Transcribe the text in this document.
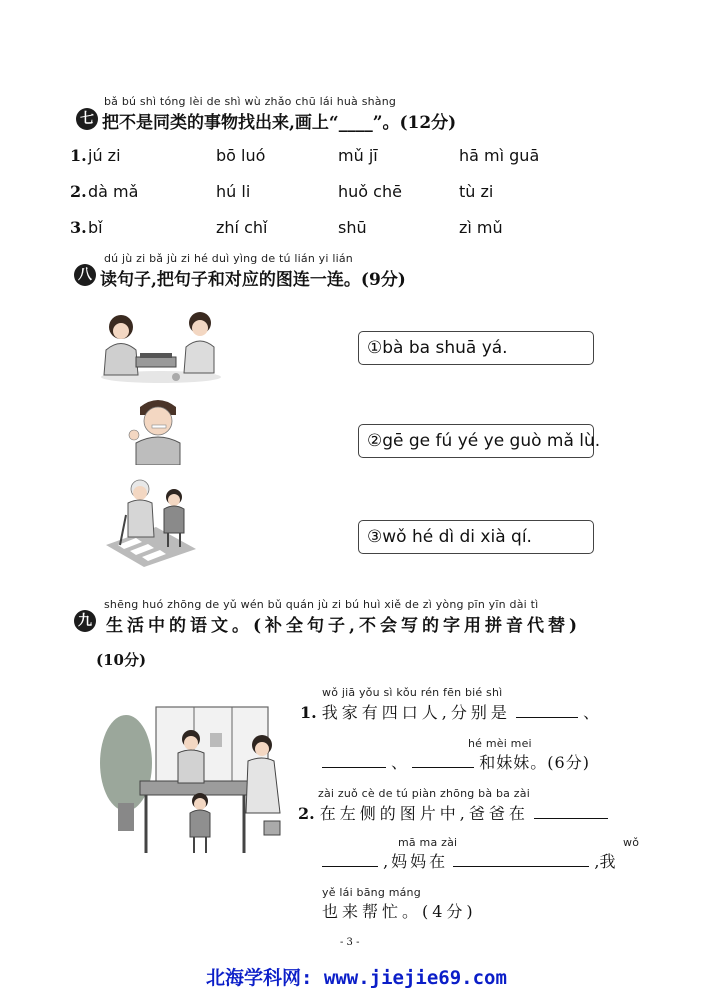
bǎ bú shì tóng lèi de shì wù zhǎo chū lái huà shàng
七 把不是同类的事物找出来,画上“____”。(12分)
1. jú zi	bō luó	mǔ jī	hā mì guā
2. dà mǎ	hú li	huǒ chē	tù zi
3. bǐ	zhí chǐ	shū	zì mǔ
dú jù zi bǎ jù zi hé duì yìng de tú lián yi lián
八 读句子,把句子和对应的图连一连。(9分)
①bà ba shuā yá.
②gē ge fú yé ye guò mǎ lù.
③wǒ hé dì di xià qí.
shēng huó zhōng de yǔ wén bǔ quán jù zi bú huì xiě de zì yòng pīn yīn dài tì
九 生活中的语文。(补全句子,不会写的字用拼音代替)
(10分)
wǒ jiā yǒu sì kǒu rén fēn bié shì
1. 我家有四口人,分别是	、
hé mèi mei
、	和妹妹。(6分)
zài zuǒ cè de tú piàn zhōng bà ba zài
2. 在左侧的图片中,爸爸在
mā ma zài	wǒ
,妈妈在	,我
yě lái bāng máng
也来帮忙。(4分)
- 3 -
北海学科网: www.jiejie69.com
